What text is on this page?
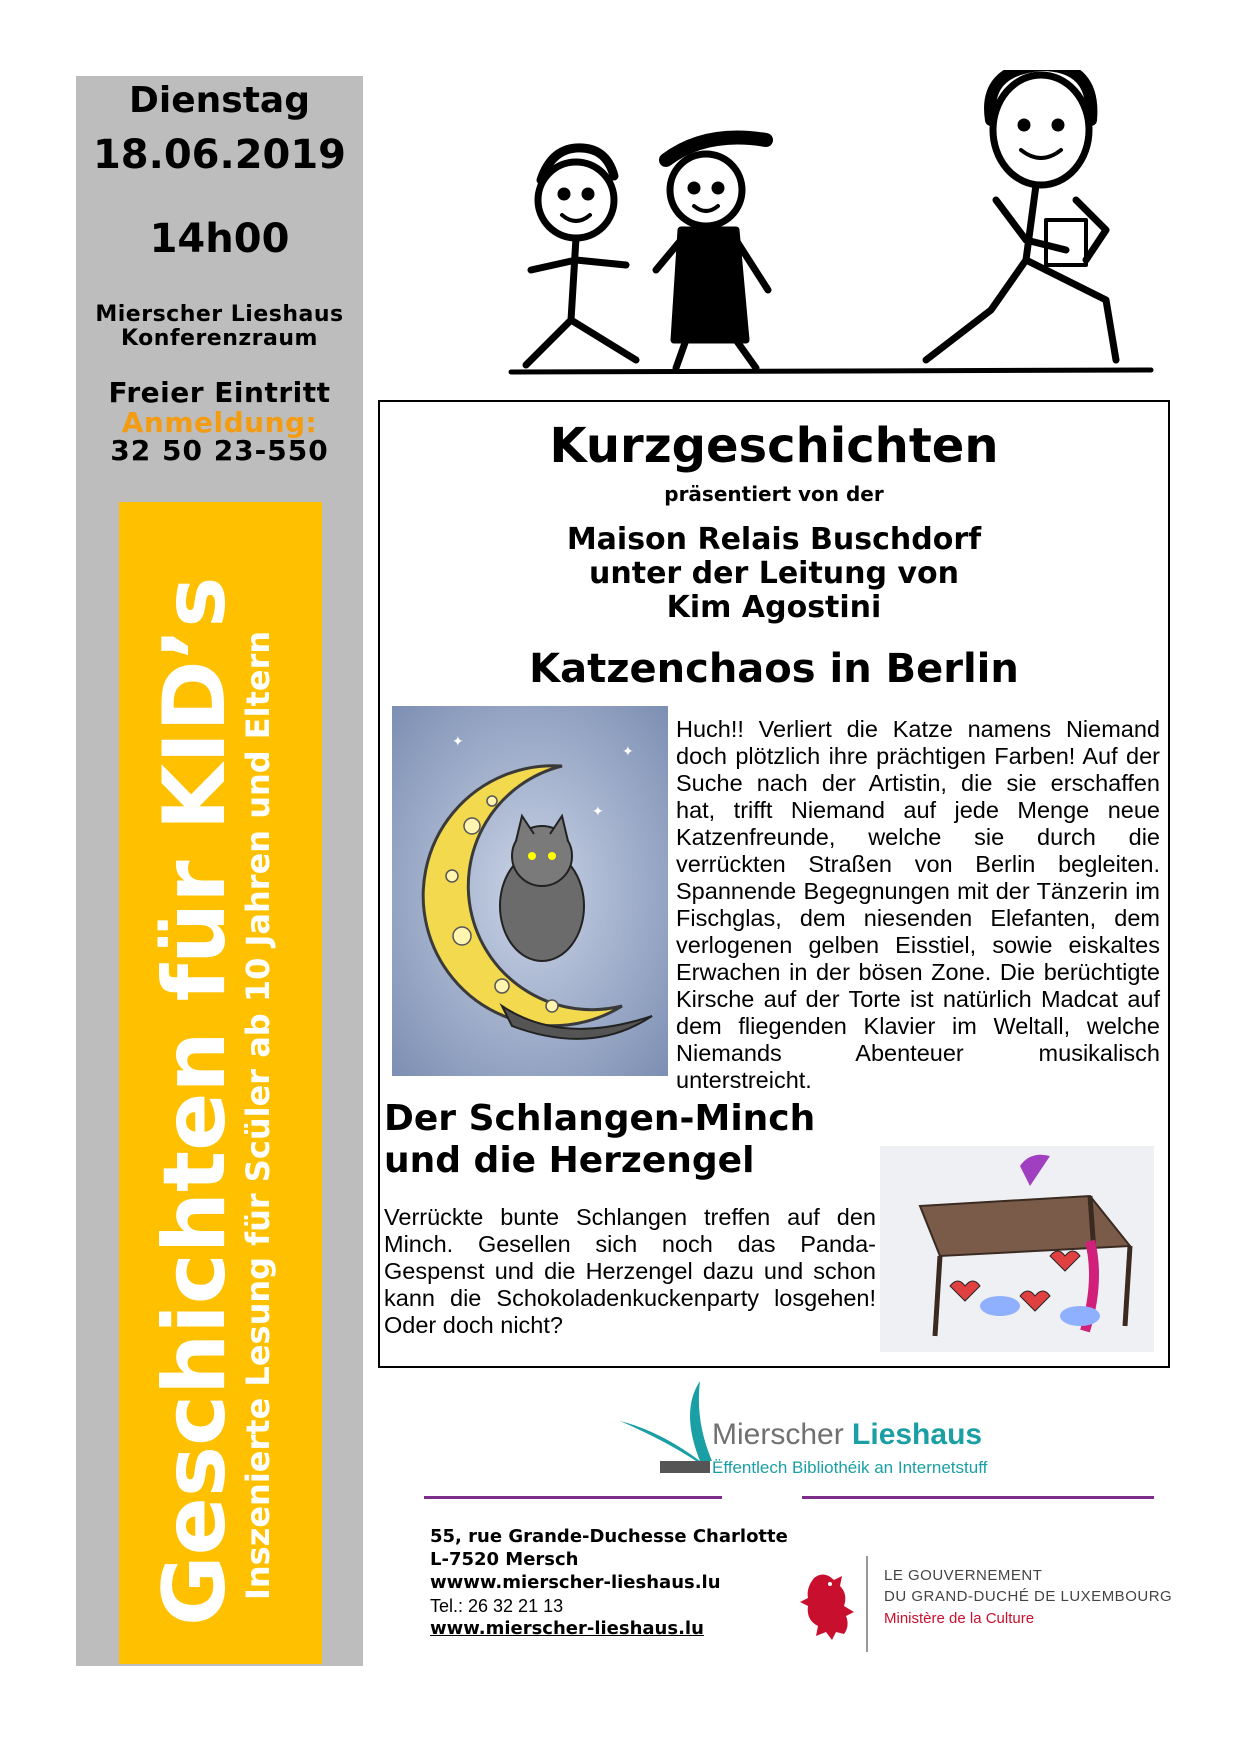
Dienstag
18.06.2019
14h00
Mierscher Lieshaus
Konferenzraum
Freier Eintritt
Anmeldung:
32 50 23-550
Geschichten für KID’s
Inszenierte Lesung für Scüler ab 10 Jahren und Eltern
Kurzgeschichten
präsentiert von der
Maison Relais Buschdorf
unter der Leitung von
Kim Agostini
Katzenchaos in Berlin
✦
✦
✦
Huch!! Verliert die Katze namens Niemand doch plötzlich ihre prächtigen Farben! Auf der Suche nach der Artistin, die sie erschaffen hat, trifft Niemand auf jede Menge neue Katzenfreunde, welche sie durch die verrückten Straßen von Berlin begleiten. Spannende Begegnungen mit der Tänzerin im Fischglas, dem niesenden Elefanten, dem verlogenen gelben Eisstiel, sowie eiskaltes Erwachen in der bösen Zone. Die berüchtigte Kirsche auf der Torte ist natürlich Madcat auf dem fliegenden Klavier im Weltall, welche Niemands Abenteuer musikalisch unterstreicht.
Der Schlangen-Minch und die Herzengel
Verrückte bunte Schlangen treffen auf den Minch. Gesellen sich noch das Panda-Gespenst und die Herzengel dazu und schon kann die Schokoladenkuckenparty losgehen! Oder doch nicht?
Mierscher Lieshaus
Ëffentlech Bibliothéik an Internetstuff
55, rue Grande-Duchesse Charlotte
L-7520 Mersch
wwww.mierscher-lieshaus.lu
Tel.: 26 32 21 13
www.mierscher-lieshaus.lu
LE GOUVERNEMENT
DU GRAND-DUCHÉ DE LUXEMBOURG
Ministère de la Culture
